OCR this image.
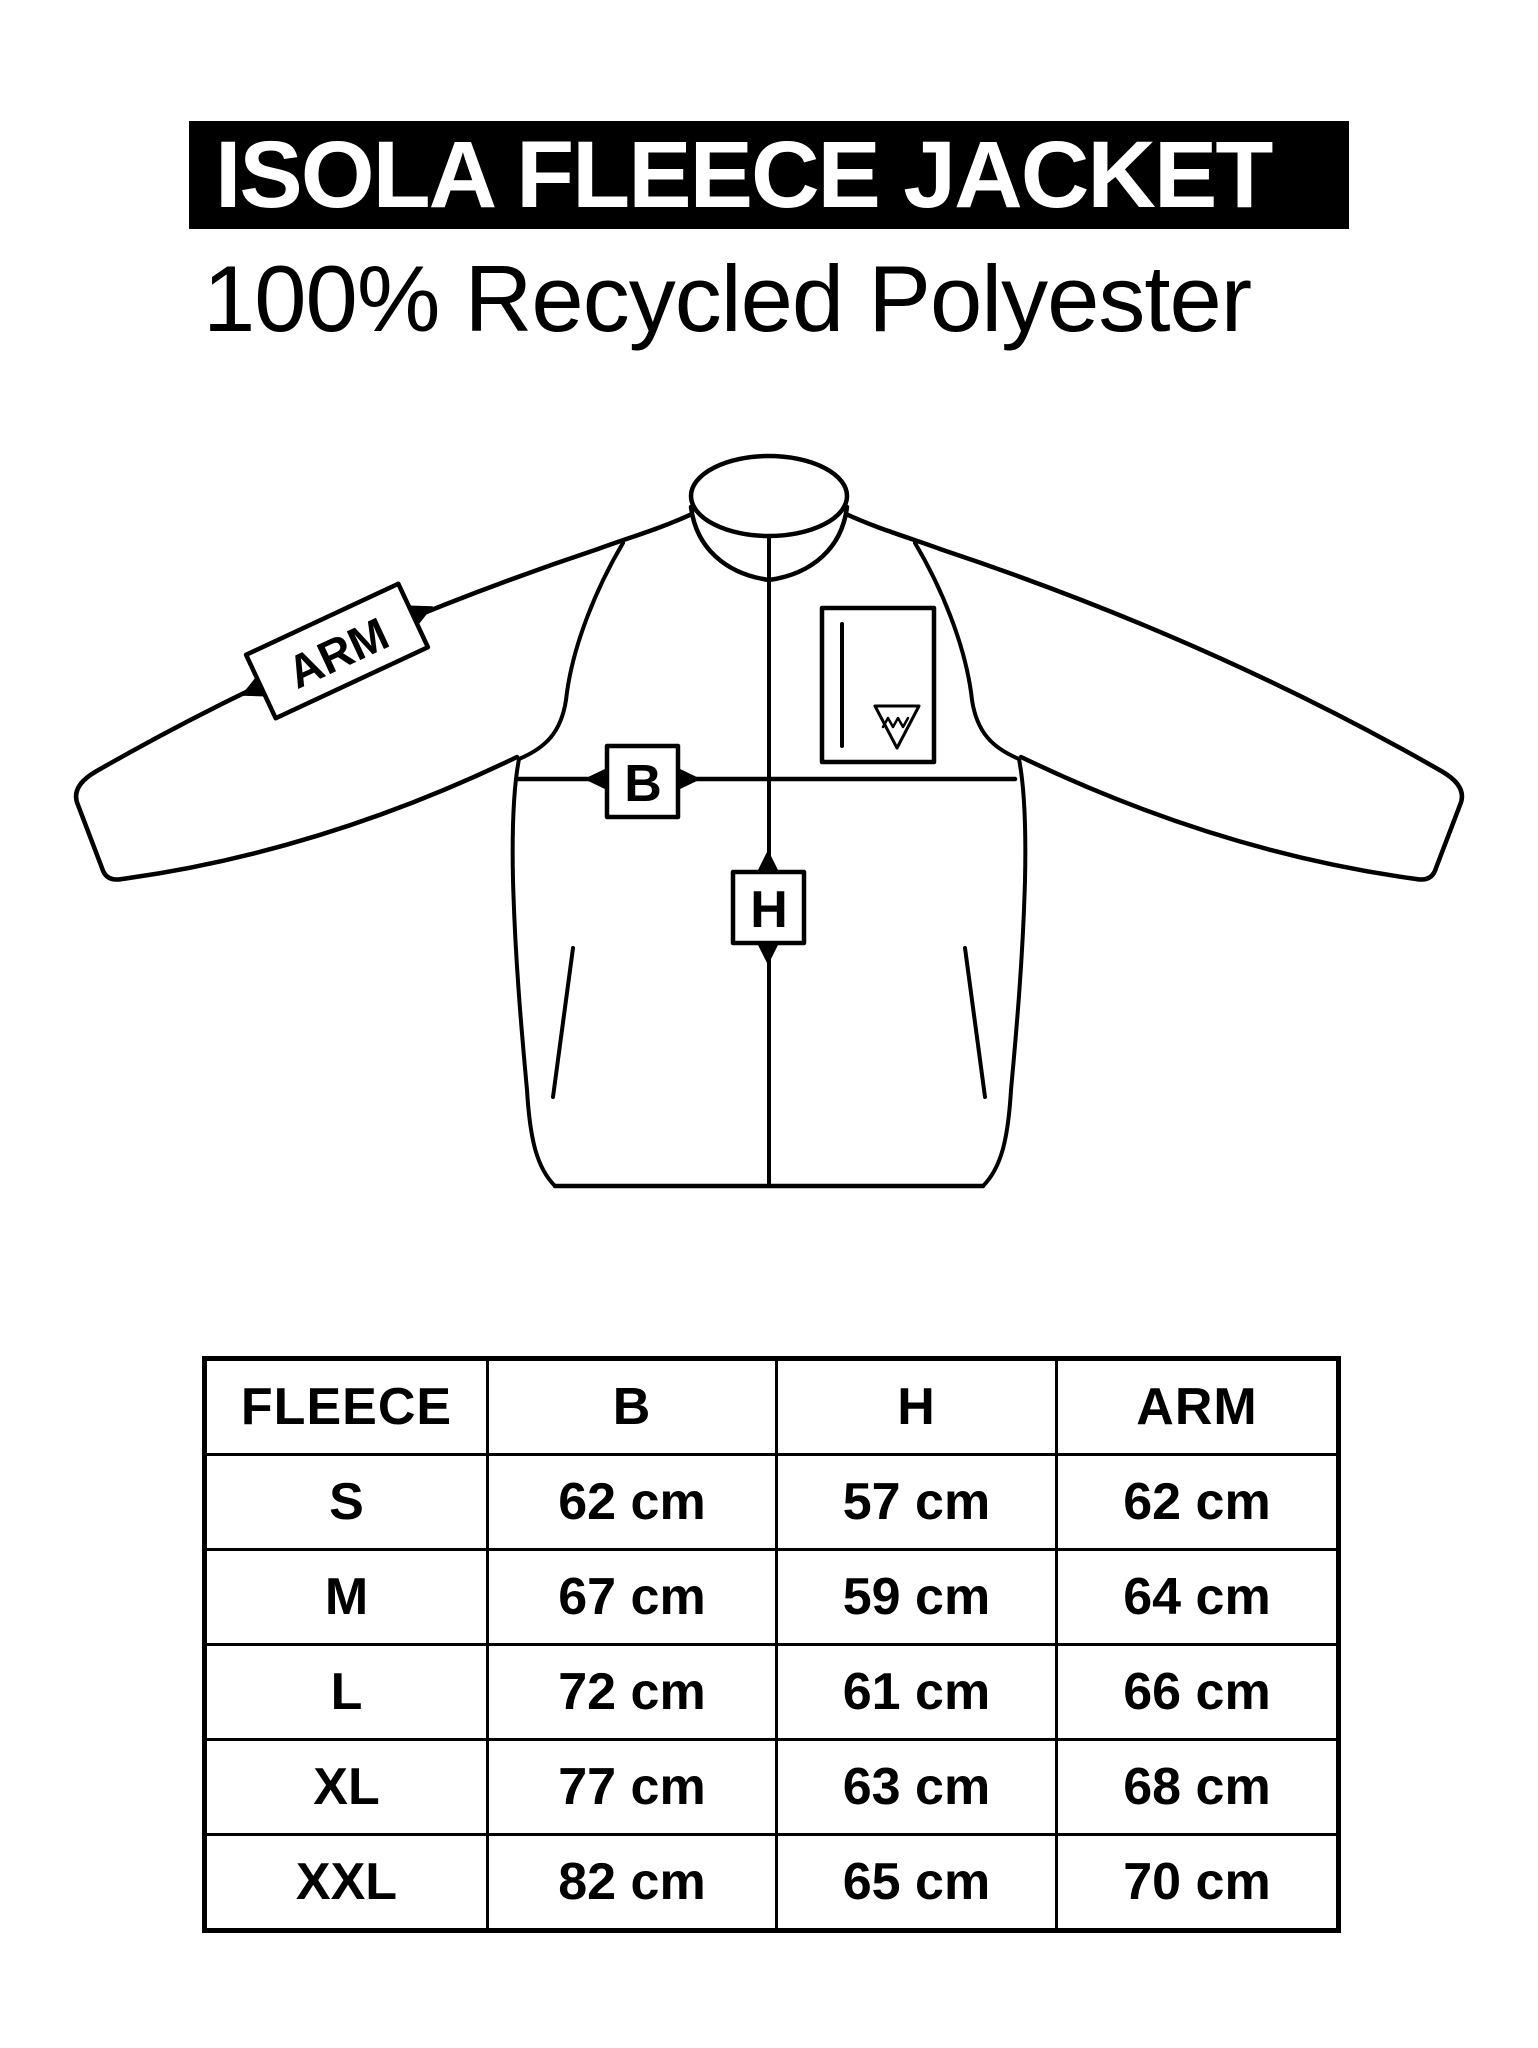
ISOLA FLEECE JACKET
100% Recycled Polyester
ARM
B
H
FLEECE	B	H	ARM
S	62 cm	57 cm	62 cm
M	67 cm	59 cm	64 cm
L	72 cm	61 cm	66 cm
XL	77 cm	63 cm	68 cm
XXL	82 cm	65 cm	70 cm
